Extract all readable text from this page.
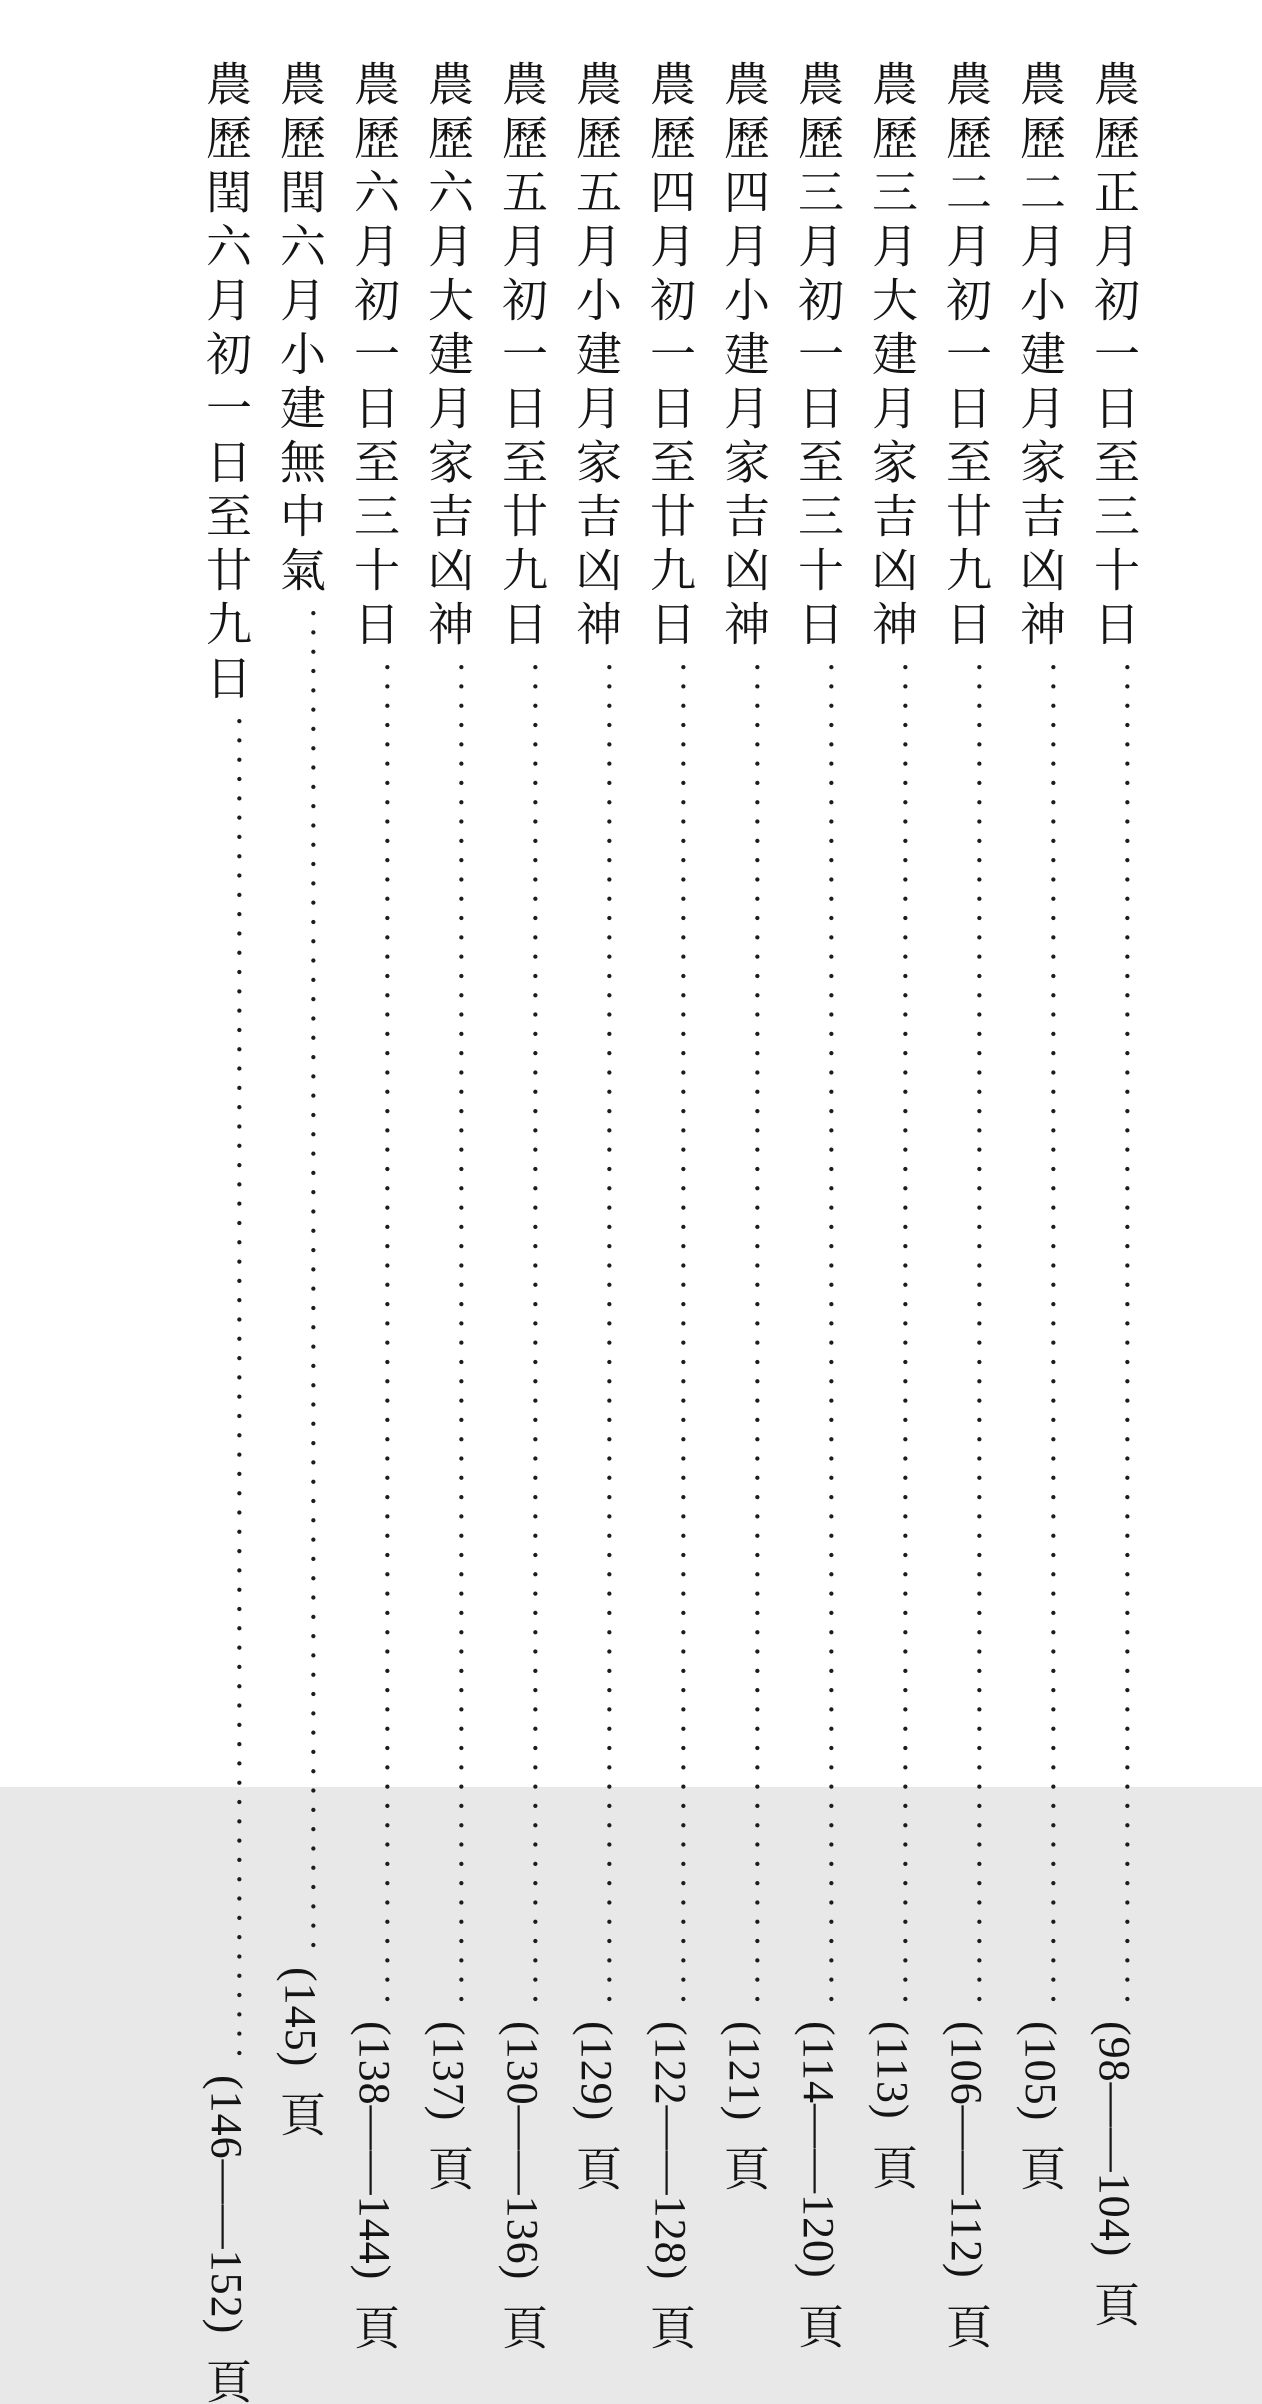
農歷正月初一日至三十日
••••••••••••••••••••••••••••••••••••••••••••••••••••••••••••••••••••••
(98——104)
頁
農歷二月小建月家吉凶神
••••••••••••••••••••••••••••••••••••••••••••••••••••••••••••••••••••••
(105)
頁
農歷二月初一日至廿九日
••••••••••••••••••••••••••••••••••••••••••••••••••••••••••••••••••••••
(106——112)
頁
農歷三月大建月家吉凶神
••••••••••••••••••••••••••••••••••••••••••••••••••••••••••••••••••••••
(113)
頁
農歷三月初一日至三十日
••••••••••••••••••••••••••••••••••••••••••••••••••••••••••••••••••••••
(114——120)
頁
農歷四月小建月家吉凶神
••••••••••••••••••••••••••••••••••••••••••••••••••••••••••••••••••••••
(121)
頁
農歷四月初一日至廿九日
••••••••••••••••••••••••••••••••••••••••••••••••••••••••••••••••••••••
(122——128)
頁
農歷五月小建月家吉凶神
••••••••••••••••••••••••••••••••••••••••••••••••••••••••••••••••••••••
(129)
頁
農歷五月初一日至廿九日
••••••••••••••••••••••••••••••••••••••••••••••••••••••••••••••••••••••
(130——136)
頁
農歷六月大建月家吉凶神
••••••••••••••••••••••••••••••••••••••••••••••••••••••••••••••••••••••
(137)
頁
農歷六月初一日至三十日
••••••••••••••••••••••••••••••••••••••••••••••••••••••••••••••••••••••
(138——144)
頁
農歷閏六月小建無中氣
••••••••••••••••••••••••••••••••••••••••••••••••••••••••••••••••••••••
(145)
頁
農歷閏六月初一日至廿九日
••••••••••••••••••••••••••••••••••••••••••••••••••••••••••••••••••••••
(146——152)
頁
